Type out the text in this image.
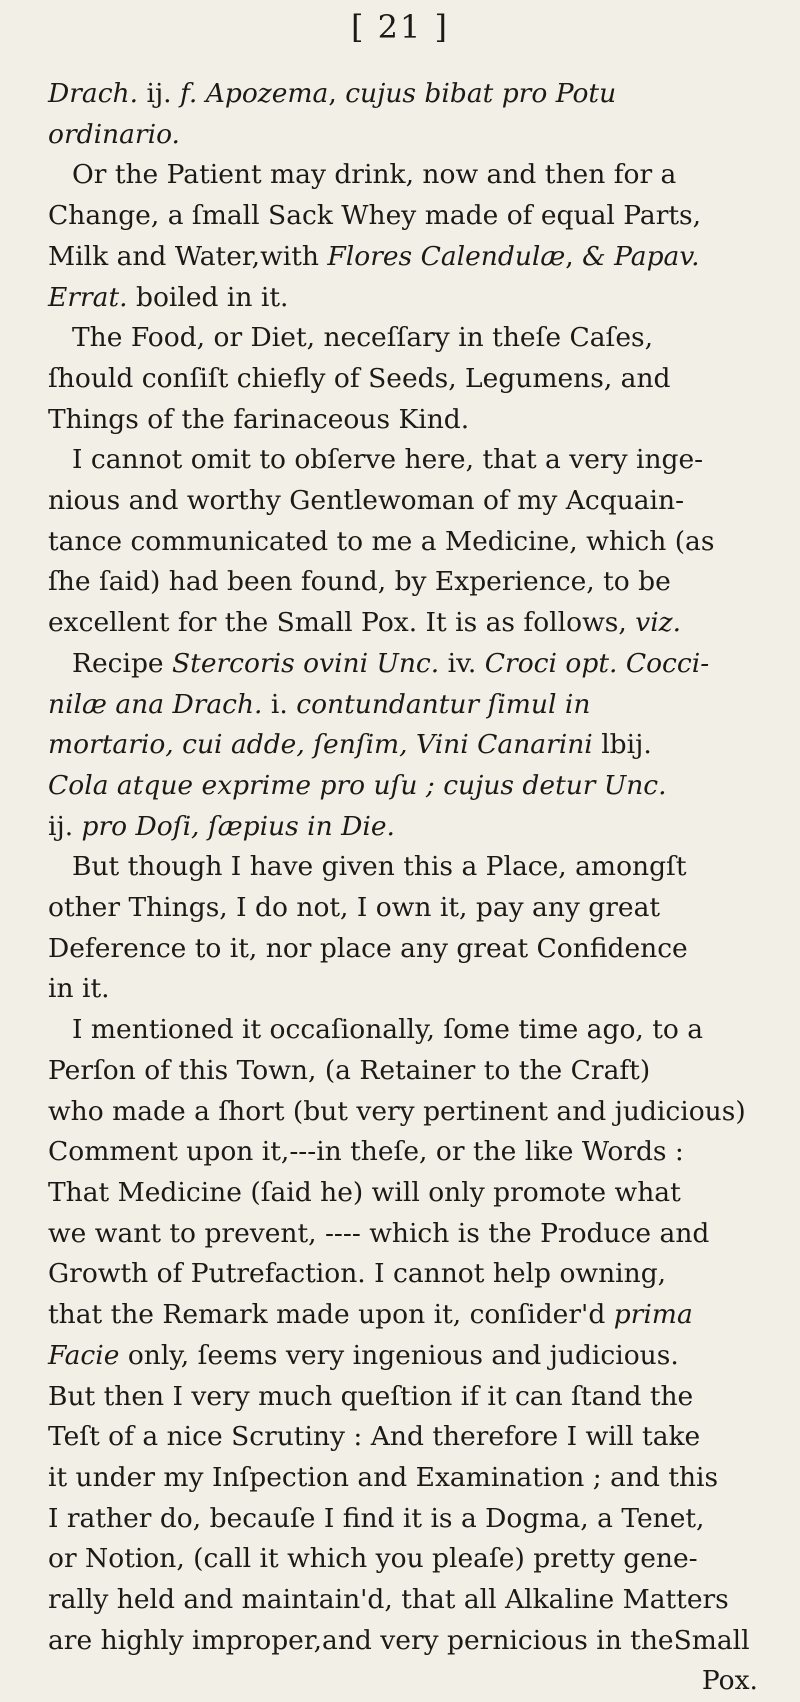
[ 21 ]
Drach. ij. f. Apozema, cujus bibat pro Potu
ordinario.
Or the Patient may drink, now and then for a
Change, a ſmall Sack Whey made of equal Parts,
Milk and Water,with Flores Calendulæ, & Papav.
Errat. boiled in it.
The Food, or Diet, neceſſary in theſe Caſes,
ſhould conſiſt chiefly of Seeds, Legumens, and
Things of the farinaceous Kind.
I cannot omit to obſerve here, that a very inge-
nious and worthy Gentlewoman of my Acquain-
tance communicated to me a Medicine, which (as
ſhe ſaid) had been found, by Experience, to be
excellent for the Small Pox. It is as follows, viz.
Recipe Stercoris ovini Unc. iv. Croci opt. Cocci-
nilæ ana Drach. i. contundantur ſimul in
mortario, cui adde, ſenſim, Vini Canarini lbij.
Cola atque exprime pro uſu ; cujus detur Unc.
ij. pro Doſi, ſæpius in Die.
But though I have given this a Place, amongſt
other Things, I do not, I own it, pay any great
Deference to it, nor place any great Confidence
in it.
I mentioned it occaſionally, ſome time ago, to a
Perſon of this Town, (a Retainer to the Craft)
who made a ſhort (but very pertinent and judicious)
Comment upon it,---in theſe, or the like Words :
That Medicine (ſaid he) will only promote what
we want to prevent, ---- which is the Produce and
Growth of Putrefaction. I cannot help owning,
that the Remark made upon it, conſider'd prima
Facie only, ſeems very ingenious and judicious.
But then I very much queſtion if it can ſtand the
Teſt of a nice Scrutiny : And therefore I will take
it under my Inſpection and Examination ; and this
I rather do, becauſe I find it is a Dogma, a Tenet,
or Notion, (call it which you pleaſe) pretty gene-
rally held and maintain'd, that all Alkaline Matters
are highly improper,and very pernicious in theSmall
Pox.
